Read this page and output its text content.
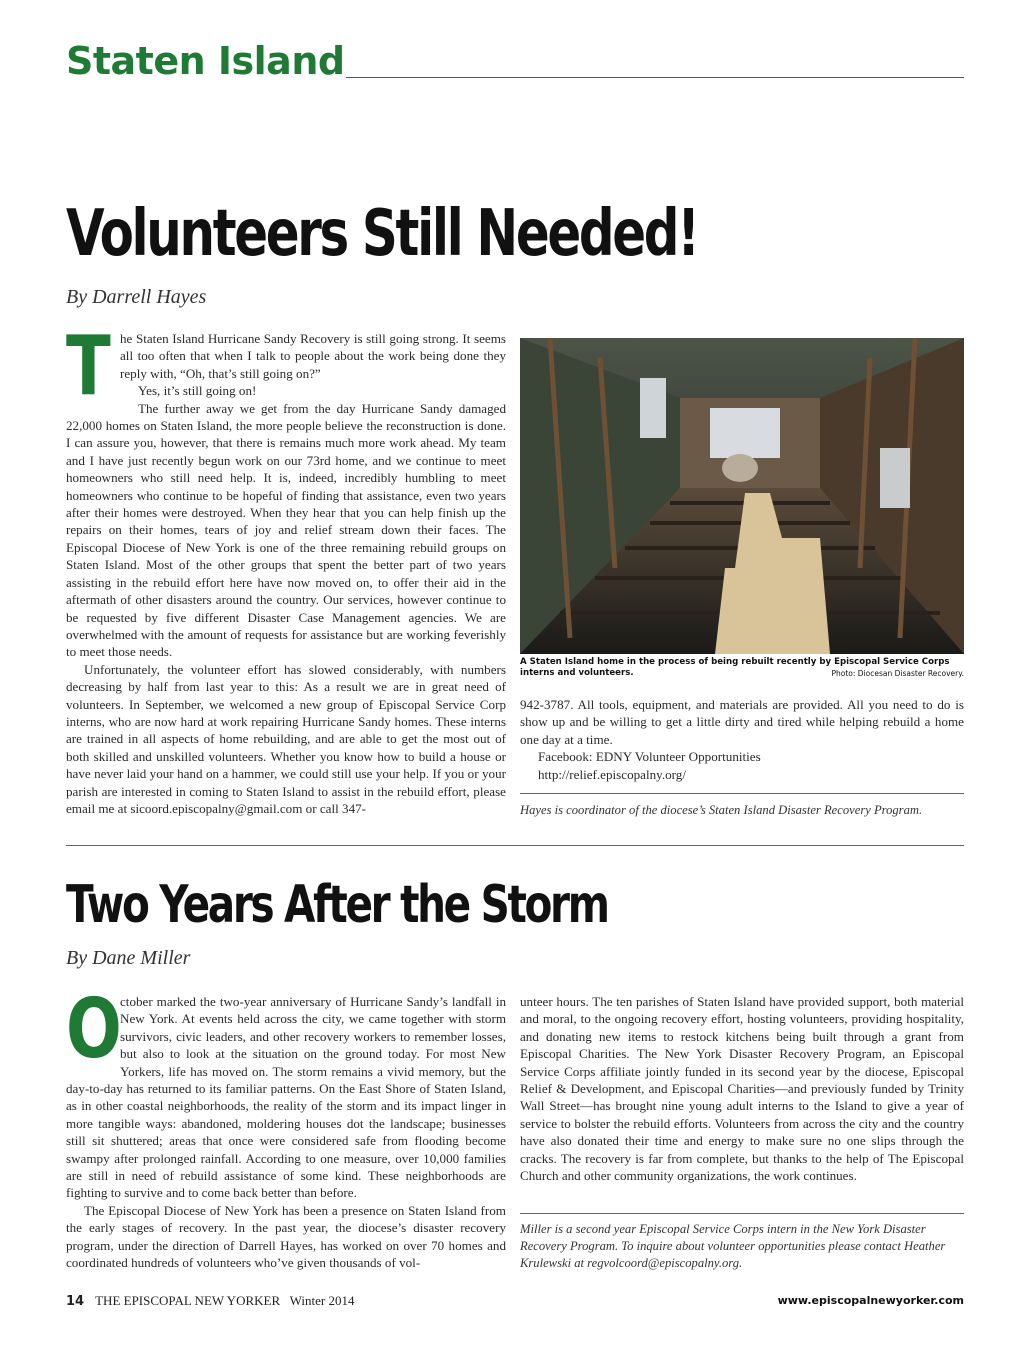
Staten Island
Volunteers Still Needed!
By Darrell Hayes

The Staten Island Hurricane Sandy Recovery is still going strong. It seems all too often that when I talk to people about the work being done they reply with, “Oh, that’s still going on?”

Yes, it’s still going on!

The further away we get from the day Hurricane Sandy damaged 22,000 homes on Staten Island, the more people believe the reconstruction is done. I can assure you, however, that there is remains much more work ahead. My team and I have just recently begun work on our 73rd home, and we continue to meet homeowners who still need help. It is, indeed, incredibly humbling to meet homeowners who continue to be hopeful of finding that assistance, even two years after their homes were destroyed. When they hear that you can help finish up the repairs on their homes, tears of joy and relief stream down their faces. The Episcopal Diocese of New York is one of the three remaining rebuild groups on Staten Island. Most of the other groups that spent the better part of two years assisting in the rebuild effort here have now moved on, to offer their aid in the aftermath of other disasters around the country. Our services, however continue to be requested by five different Disaster Case Management agencies. We are overwhelmed with the amount of requests for assistance but are working feverishly to meet those needs.

Unfortunately, the volunteer effort has slowed considerably, with numbers decreasing by half from last year to this: As a result we are in great need of volunteers. In September, we welcomed a new group of Episcopal Service Corp interns, who are now hard at work repairing Hurricane Sandy homes. These interns are trained in all aspects of home rebuilding, and are able to get the most out of both skilled and unskilled volunteers. Whether you know how to build a house or have never laid your hand on a hammer, we could still use your help. If you or your parish are interested in coming to Staten Island to assist in the rebuild effort, please email me at sicoord.episcopalny@gmail.com or call 347-

A Staten Island home in the process of being rebuilt recently by Episcopal Service Corps interns and volunteers.	Photo: Diocesan Disaster Recovery.

942-3787. All tools, equipment, and materials are provided. All you need to do is show up and be willing to get a little dirty and tired while helping rebuild a home one day at a time.

Facebook: EDNY Volunteer Opportunities

http://relief.episcopalny.org/

Hayes is coordinator of the diocese’s Staten Island Disaster Recovery Program.
Two Years After the Storm
By Dane Miller

O
ctober marked the two-year anniversary of Hurricane Sandy’s landfall in New York. At events held across the city, we came together with storm survivors, civic leaders, and other recovery workers to remember losses, but also to look at the situation on the ground today. For most New Yorkers, life has moved on. The storm remains a vivid memory, but the day-to-day has returned to its familiar patterns. On the East Shore of Staten Island, as in other coastal neighborhoods, the reality of the storm and its impact linger in more tangible ways: abandoned, moldering houses dot the landscape; businesses still sit shuttered; areas that once were considered safe from flooding become swampy after prolonged rainfall. According to one measure, over 10,000 families are still in need of rebuild assistance of some kind. These neighborhoods are fighting to survive and to come back better than before.

The Episcopal Diocese of New York has been a presence on Staten Island from the early stages of recovery. In the past year, the diocese’s disaster recovery program, under the direction of Darrell Hayes, has worked on over 70 homes and coordinated hundreds of volunteers who’ve given thousands of vol-

unteer hours. The ten parishes of Staten Island have provided support, both material and moral, to the ongoing recovery effort, hosting volunteers, providing hospitality, and donating new items to restock kitchens being built through a grant from Episcopal Charities. The New York Disaster Recovery Program, an Episcopal Service Corps affiliate jointly funded in its second year by the diocese, Episcopal Relief & Development, and Episcopal Charities—and previously funded by Trinity Wall Street—has brought nine young adult interns to the Island to give a year of service to bolster the rebuild efforts. Volunteers from across the city and the country have also donated their time and energy to make sure no one slips through the cracks. The recovery is far from complete, but thanks to the help of The Episcopal Church and other community organizations, the work continues.

Miller is a second year Episcopal Service Corps intern in the New York Disaster Recovery Program. To inquire about volunteer opportunities please contact Heather Krulewski at regvolcoord@episcopalny.org.
14 THE EPISCOPAL NEW YORKER Winter 2014	www.episcopalnewyorker.com
